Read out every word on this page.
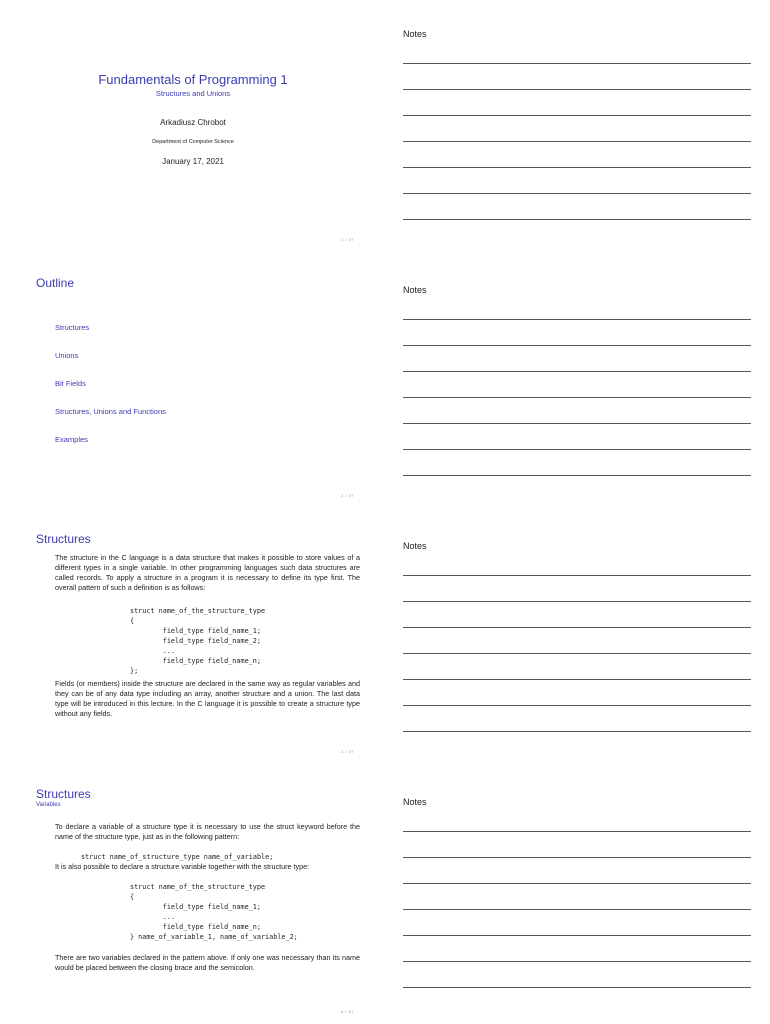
Fundamentals of Programming 1
Structures and Unions
Arkadiusz Chrobot
Department of Computer Science
January 17, 2021
1 / 67
Notes
Outline
Structures
Unions
Bit Fields
Structures, Unions and Functions
Examples
2 / 67
Notes
Structures
The structure in the C language is a data structure that makes it possible to store values of a different types in a single variable. In other programming languages such data structures are called records. To apply a structure in a program it is necessary to define its type first. The overall pattern of such a definition is as follows:
struct name_of_the_structure_type
{
field_type field_name_1;
field_type field_name_2;
...
field_type field_name_n;
};
Fields (or members) inside the structure are declared in the same way as regular variables and they can be of any data type including an array, another structure and a union. The last data type will be introduced in this lecture. In the C language it is possible to create a structure type without any fields.
3 / 67
Notes
Structures
Variables
To declare a variable of a structure type it is necessary to use the struct keyword before the name of the structure type, just as in the following pattern:
struct name_of_structure_type name_of_variable;
It is also possible to declare a structure variable together with the structure type:
struct name_of_the_structure_type
{
field_type field_name_1;
...
field_type field_name_n;
} name_of_variable_1, name_of_variable_2;
There are two variables declared in the pattern above. If only one was necessary than its name would be placed between the closing brace and the semicolon.
4 / 67
Notes
